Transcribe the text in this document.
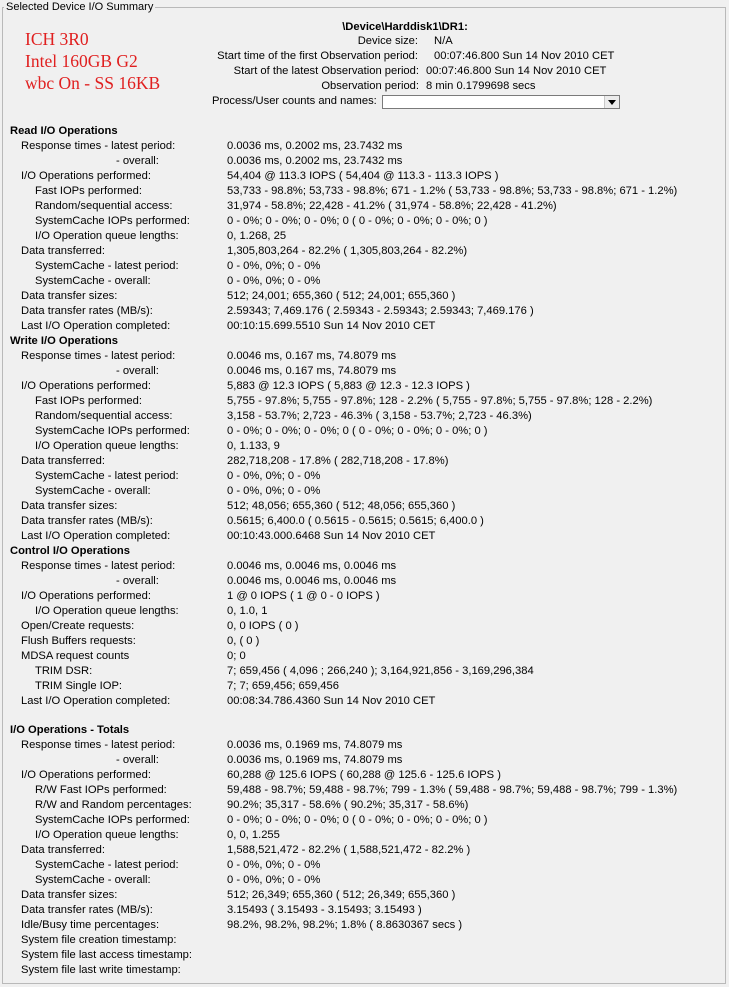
Selected Device I/O Summary
ICH 3R0
Intel 160GB G2
wbc On - SS 16KB
\Device\Harddisk1\DR1:
Device size: N/A
Start time of the first Observation period: 00:07:46.800 Sun 14 Nov 2010 CET
Start of the latest Observation period: 00:07:46.800 Sun 14 Nov 2010 CET
Observation period: 8 min 0.1799698 secs
Process/User counts and names:
Read I/O Operations
Response times - latest period:	0.0036 ms, 0.2002 ms, 23.7432 ms
- overall:	0.0036 ms, 0.2002 ms, 23.7432 ms
I/O Operations performed:	54,404 @ 113.3 IOPS ( 54,404 @ 113.3 - 113.3 IOPS )
Fast IOPs performed:	53,733 - 98.8%; 53,733 - 98.8%; 671 - 1.2% ( 53,733 - 98.8%; 53,733 - 98.8%; 671 - 1.2%)
Random/sequential access:	31,974 - 58.8%; 22,428 - 41.2% ( 31,974 - 58.8%; 22,428 - 41.2%)
SystemCache IOPs performed:	0 - 0%; 0 - 0%; 0 - 0%; 0 ( 0 - 0%; 0 - 0%; 0 - 0%; 0 )
I/O Operation queue lengths:	0, 1.268, 25
Data transferred:	1,305,803,264 - 82.2% ( 1,305,803,264 - 82.2%)
SystemCache - latest period:	0 - 0%, 0%; 0 - 0%
SystemCache - overall:	0 - 0%, 0%; 0 - 0%
Data transfer sizes:	512; 24,001; 655,360 ( 512; 24,001; 655,360 )
Data transfer rates (MB/s):	2.59343; 7,469.176 ( 2.59343 - 2.59343; 2.59343; 7,469.176 )
Last I/O Operation completed:	00:10:15.699.5510 Sun 14 Nov 2010 CET
Write I/O Operations
Response times - latest period:	0.0046 ms, 0.167 ms, 74.8079 ms
- overall:	0.0046 ms, 0.167 ms, 74.8079 ms
I/O Operations performed:	5,883 @ 12.3 IOPS ( 5,883 @ 12.3 - 12.3 IOPS )
Fast IOPs performed:	5,755 - 97.8%; 5,755 - 97.8%; 128 - 2.2% ( 5,755 - 97.8%; 5,755 - 97.8%; 128 - 2.2%)
Random/sequential access:	3,158 - 53.7%; 2,723 - 46.3% ( 3,158 - 53.7%; 2,723 - 46.3%)
SystemCache IOPs performed:	0 - 0%; 0 - 0%; 0 - 0%; 0 ( 0 - 0%; 0 - 0%; 0 - 0%; 0 )
I/O Operation queue lengths:	0, 1.133, 9
Data transferred:	282,718,208 - 17.8% ( 282,718,208 - 17.8%)
SystemCache - latest period:	0 - 0%, 0%; 0 - 0%
SystemCache - overall:	0 - 0%, 0%; 0 - 0%
Data transfer sizes:	512; 48,056; 655,360 ( 512; 48,056; 655,360 )
Data transfer rates (MB/s):	0.5615; 6,400.0 ( 0.5615 - 0.5615; 0.5615; 6,400.0 )
Last I/O Operation completed:	00:10:43.000.6468 Sun 14 Nov 2010 CET
Control I/O Operations
Response times - latest period:	0.0046 ms, 0.0046 ms, 0.0046 ms
- overall:	0.0046 ms, 0.0046 ms, 0.0046 ms
I/O Operations performed:	1 @ 0 IOPS ( 1 @ 0 - 0 IOPS )
I/O Operation queue lengths:	0, 1.0, 1
Open/Create requests:	0, 0 IOPS ( 0 )
Flush Buffers requests:	0, ( 0 )
MDSA request counts	0; 0
TRIM DSR:	7; 659,456 ( 4,096 ; 266,240 ); 3,164,921,856 - 3,169,296,384
TRIM Single IOP:	7; 7; 659,456; 659,456
Last I/O Operation completed:	00:08:34.786.4360 Sun 14 Nov 2010 CET
I/O Operations - Totals
Response times - latest period:	0.0036 ms, 0.1969 ms, 74.8079 ms
- overall:	0.0036 ms, 0.1969 ms, 74.8079 ms
I/O Operations performed:	60,288 @ 125.6 IOPS ( 60,288 @ 125.6 - 125.6 IOPS )
R/W Fast IOPs performed:	59,488 - 98.7%; 59,488 - 98.7%; 799 - 1.3% ( 59,488 - 98.7%; 59,488 - 98.7%; 799 - 1.3%)
R/W and Random percentages:	90.2%; 35,317 - 58.6% ( 90.2%; 35,317 - 58.6%)
SystemCache IOPs performed:	0 - 0%; 0 - 0%; 0 - 0%; 0 ( 0 - 0%; 0 - 0%; 0 - 0%; 0 )
I/O Operation queue lengths:	0, 0, 1.255
Data transferred:	1,588,521,472 - 82.2% ( 1,588,521,472 - 82.2% )
SystemCache - latest period:	0 - 0%, 0%; 0 - 0%
SystemCache - overall:	0 - 0%, 0%; 0 - 0%
Data transfer sizes:	512; 26,349; 655,360 ( 512; 26,349; 655,360 )
Data transfer rates (MB/s):	3.15493 ( 3.15493 - 3.15493; 3.15493 )
Idle/Busy time percentages:	98.2%, 98.2%, 98.2%; 1.8% ( 8.8630367 secs )
System file creation timestamp:
System file last access timestamp:
System file last write timestamp:
